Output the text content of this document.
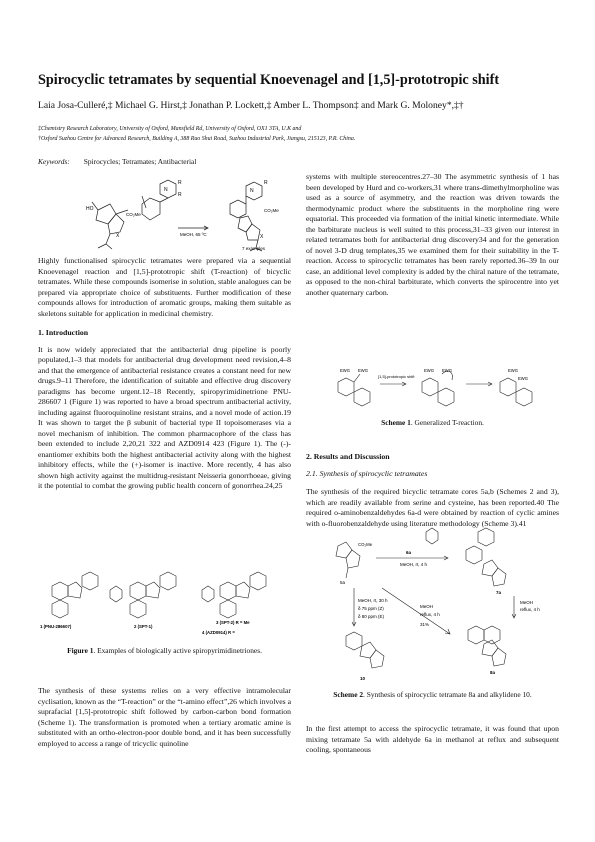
Spirocyclic tetramates by sequential Knoevenagel and [1,5]-prototropic shift
Laia Josa-Culleré,‡ Michael G. Hirst,‡ Jonathan P. Lockett,‡ Amber L. Thompson‡ and Mark G. Moloney*,‡†
‡Chemistry Research Laboratory, University of Oxford, Mansfield Rd, University of Oxford, OX1 3TA, U.K and
†Oxford Suzhou Centre for Advanced Research, Building A, 388 Ruo Shui Road, Suzhou Industrial Park, Jiangsu, 215123, P.R. China.
Keywords: Spirocycles; Tetramates; Antibacterial
HO
CO₂Me
R
R
N
X	MeOH, 65 ºC
CO₂Me
N
R
X
7 examples

Highly functionalised spirocyclic tetramates were prepared via a sequential Knoevenagel reaction and [1,5]-prototropic shift (T-reaction) of bicyclic tetramates. While these compounds isomerise in solution, stable analogues can be prepared via appropriate choice of substituents. Further modification of these compounds allows for introduction of aromatic groups, making them suitable as skeletons suitable for application in medicinal chemistry.

1. Introduction

It is now widely appreciated that the antibacterial drug pipeline is poorly populated,1–3 that models for antibacterial drug development need revision,4–8 and that the emergence of antibacterial resistance creates a constant need for new drugs.9–11 Therefore, the identification of suitable and effective drug discovery paradigms has become urgent.12–18 Recently, spiropyrimidinetrione PNU-286607 1 (Figure 1) was reported to have a broad spectrum antibacterial activity, including against fluoroquinoline resistant strains, and a novel mode of action.19 It was shown to target the β subunit of bacterial type II topoisomerases via a novel mechanism of inhibition. The common pharmacophore of the class has been extended to include 2,20,21 322 and AZD0914 423 (Figure 1). The (-)-enantiomer exhibits both the highest antibacterial activity along with the highest inhibitory effects, while the (+)-isomer is inactive. More recently, 4 has also shown high activity against the multidrug-resistant Neisseria gonorrhoeae, giving it the potential to combat the growing public health concern of gonorrhea.24,25

1 (PNU-286607)	2 (SPT-1)
3 (SPT-2) R = Me
4 (AZD0914) R =
Figure 1. Examples of biologically active spiropyrimidinetriones.

The synthesis of these systems relies on a very effective intramolecular cyclisation, known as the “T-reaction” or the “t-amino effect”,26 which involves a suprafacial [1,5]-prototropic shift followed by carbon-carbon bond formation (Scheme 1). The transformation is promoted when a tertiary aromatic amine is substituted with an ortho-electron-poor double bond, and it has been successfully employed to access a range of tricyclic quinoline

systems with multiple stereocentres.27–30 The asymmetric synthesis of 1 has been developed by Hurd and co-workers,31 where trans-dimethylmorpholine was used as a source of asymmetry, and the reaction was driven towards the thermodynamic product where the substituents in the morpholine ring were equatorial. This proceeded via formation of the initial kinetic intermediate. While the barbiturate nucleus is well suited to this process,31–33 given our interest in related tetramates both for antibacterial drug discovery34 and for the generation of novel 3-D drug templates,35 we examined them for their suitability in the T-reaction. Access to spirocyclic tetramates has been rarely reported.36–39 In our case, an additional level complexity is added by the chiral nature of the tetramate, as opposed to the non-chiral barbiturate, which converts the spirocentre into yet another quaternary carbon.

EWG EWG
[1,5]-prototropic shift
EWG EWG	EWG
EWG
Scheme 1. Generalized T-reaction.
2. Results and Discussion
2.1. Synthesis of spirocyclic tetramates

The synthesis of the required bicyclic tetramate cores 5a,b (Schemes 2 and 3), which are readily available from serine and cysteine, has been reported.40 The required o-aminobenzaldehydes 6a-d were obtained by reaction of cyclic amines with o-fluorobenzaldehyde using literature methodology (Scheme 3).41

CO₂Me
5a
6a
MeOH, rt, 4 h
7a
MeOH, rt, 30 h
δ 75 ppm (Z)
δ 80 ppm (E)
MeOH
reflux, 4 h
31%
MeOH
reflux, 4 h
10
8a
Scheme 2. Synthesis of spirocyclic tetramate 8a and alkylidene 10.

In the first attempt to access the spirocyclic tetramate, it was found that upon mixing tetramate 5a with aldehyde 6a in methanol at reflux and subsequent cooling, spontaneous
